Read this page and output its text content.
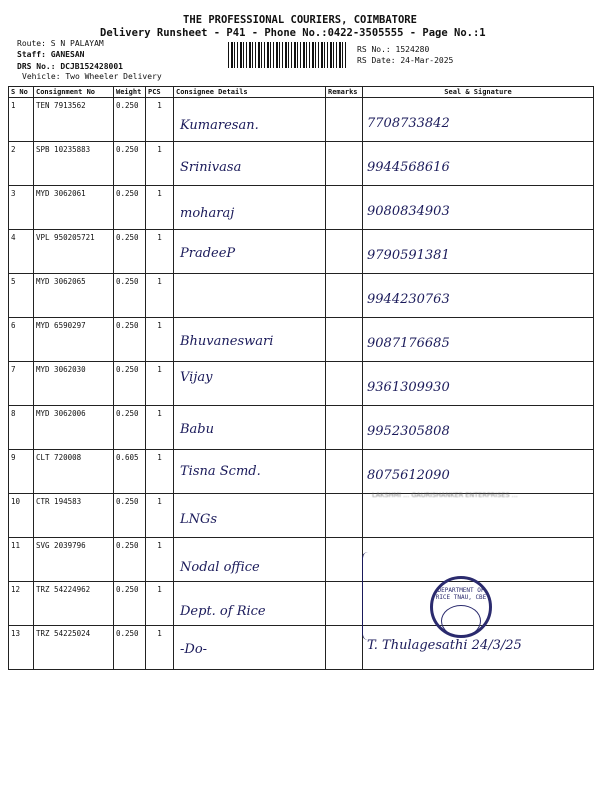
THE PROFESSIONAL COURIERS, COIMBATORE
Delivery Runsheet - P41 - Phone No.:0422-3505555 - Page No.:1
Route: S N PALAYAM
Staff: GANESAN
DRS No.: DCJB152428001
Vehicle: Two Wheeler Delivery
RS No.: 1524280
RS Date: 24-Mar-2025
S No	Consignment No	Weight	PCS	Consignee Details	Remarks	Seal & Signature
1	TEN 7913562	0.250	1	Kumaresan.		7708733842

2	SPB 10235883	0.250	1	Srinivasa		9944568616

3	MYD 3062061	0.250	1	moharaj		9080834903

4	VPL 950205721	0.250	1	PradeeP		9790591381

5	MYD 3062065	0.250	1			9944230763

6	MYD 6590297	0.250	1	Bhuvaneswari		9087176685

7	MYD 3062030	0.250	1	Vijay		9361309930

8	MYD 3062006	0.250	1	Babu		9952305808

9	CLT 720008	0.605	1	Tisna Scmd.		8075612090

10	CTR 194583	0.250	1	LNGs		

11	SVG 2039796	0.250	1	Nodal office		

12	TRZ 54224962	0.250	1	Dept. of Rice		

13	TRZ 54225024	0.250	1	-Do-		T. Thulagesathi 24/3/25
LAKSHMI ... GAURISHANKER ENTERPRISES ...
DEPARTMENT OF RICE TNAU, CBE
